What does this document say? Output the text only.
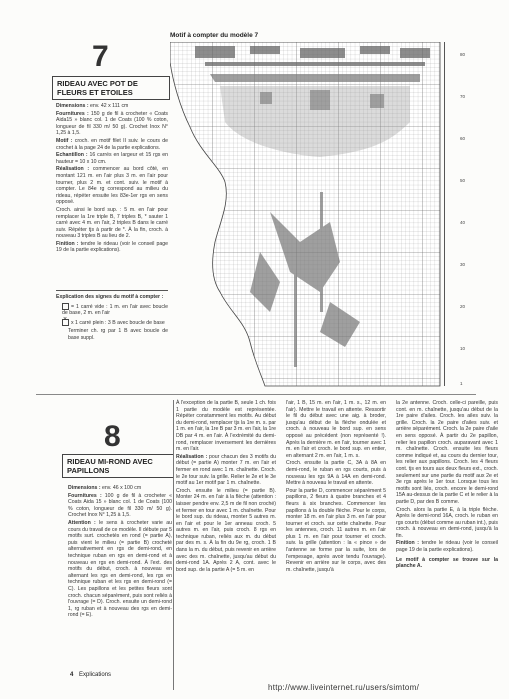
7
RIDEAU AVEC POT DE
FLEURS ET ETOILES

Dimensions : env. 42 x 111 cm

Fournitures : 150 g de fil à crocheter « Coats Aida15 » blanc col. 1 de Coats (100 % coton, longueur de fil 330 m/ 50 g). Crochet Inox N° 1,25 à 1,5.

Motif : croch. en motif filet II suiv. le cours de crochet à la page 24 de la partie explications.

Echantillon : 16 carrés en largeur et 15 rgs en hauteur = 10 x 10 cm.

Réalisation : commencer au bord côté, en montant 121 m. en l'air plus 3 m. en l'air pour tourner, plus 2 m. et cont. suiv. le motif à compter. Le 84e rg correspond au milieu du rideau, répéter ensuite les 83e-1er rgs en sens opposé.

Croch. ainsi le bord sup. : 5 m. en l'air pour remplacer la 1re triple B, 7 triples B, * sauter 1 carré avec 4 m. en l'air, 2 triples B dans le carré suiv. Répéter tjs à partir de *. À la fin, croch. à nouveau 3 triples B au lieu de 2.

Finition : tendre le rideau (voir le conseil page 19 de la partie explications).

Explication des signes du motif à compter :
= 1 carré vide : 1 m. en l'air avec boucle de base, 2 m. en l'air
×x 1 carré plein : 3 B avec boucle de base
Terminer ch. rg par 1 B avec boucle de base suppl.
Motif à compter du modèle 7
80
70
60
50
40
30
20
10
1
8
RIDEAU MI-ROND AVEC
PAPILLONS

Dimensions : env. 46 x 100 cm

Fournitures : 100 g de fil à crocheter « Coats Aida 15 » blanc col. 1 de Coats (100 % coton, longueur de fil 330 m/ 50 g). Crochet Inox N° 1,25 à 1,5.

Attention : le sens à crocheter varie au cours du travail de ce modèle. Il débute par 5 motifs surt. crochetés en rond (= partie A), puis vient le milieu (= partie B) crocheté alternativement en rgs de demi-rond, en technique ruban en rgs en demi-rond et à nouveau en rgs en demi-rond. À l'ext. des motifs du début, croch. à nouveau en alternant les rgs en demi-rond, les rgs en technique ruban et les rgs en demi-rond (= C). Les papillons et les petites fleurs sont croch. chacun séparément, puis sont reliés à l'ouvrage (= D). Croch. ensuite un demi-rond 1, rg ruban et à nouveau des rgs en demi-rond (= E).

À l'exception de la partie B, seule 1 ch. fois 1 partie du modèle est représentée. Répéter constamment les motifs. Au début du demi-rond, remplacer tjs la 1re m. s. par 1 m. en l'air, la 1re B par 3 m. en l'air, la 1re DB par 4 m. en l'air. À l'extrémité du demi-rond, remplacer inversement les dernières m. en l'air.

Réalisation : pour chacun des 3 motifs du début (= partie A) monter 7 m. en l'air et fermer en rond avec 1 m. chaînette. Croch. le 2e tour suiv. la grille. Relier le 2e et le 3e motif au 1er motif par 1 m. chaînette.

Croch. ensuite le milieu (= partie B). Monter 24 m. en l'air à la flèche (attention : laisser pendre env. 2,5 m de fil non croché) et fermer en tour avec 1 m. chaînette. Pour le bord sup. du rideau, monter 5 autres m. en l'air et pour le 1er anneau croch. 5 autres m. en l'air, puis croch. 8 rgs en technique ruban, reliés aux m. du début par des m. s. À la fin du 9e rg, croch. 1 B dans la m. du début, puis revenir en arrière avec des m. chaînette, jusqu'au début du demi-rond 1A. Après 2 A, cont. avec le bord sup. de la partie A (= 5 m. en

l'air, 1 B, 15 m. en l'air, 1 m. s., 12 m. en l'air). Mettre le travail en attente. Ressortir le fil du début avec une aig. à broder, jusqu'au début de la flèche ondulée et croch. à nouveau le bord sup. en sens opposé au précédent (non représenté !). Après la dernière m. en l'air, tourner avec 1 m. en l'air et croch. le bord sup. en entier, en alternant 2 m. en l'air, 1 m. s.

Croch. ensuite la partie C, 3A à 8A en demi-rond, le ruban en rgs courts, puis à nouveau les rgs 9A à 14A en demi-rond. Mettre à nouveau le travail en attente.

Pour la partie D, commencer séparément 5 papillons, 2 fleurs à quatre branches et 4 fleurs à six branches. Commencer les papillons à la double flèche. Pour le corps, monter 18 m. en l'air plus 3 m. en l'air pour tourner et croch. sur cette chaînette. Pour les antennes, croch. 11 autres m. en l'air plus 1 m. en l'air pour tourner et croch. suiv. la grille (attention : la « pince » de l'antenne se forme par la suite, lors de l'empesage, après avoir tendu l'ouvrage). Revenir en arrière sur le corps, avec des m. chaînette, jusqu'à

la 2e antenne. Croch. celle-ci pareille, puis cont. en m. chaînette, jusqu'au début de la 1re paire d'ailes. Croch. les ailes suiv. la grille. Croch. la 2e paire d'ailes suiv. et arrière séparément. Croch. la 2e paire d'aile en sens opposé. À partir du 2e papillon, relier les papillon croch. auparavant avec 1 m. chaînette. Croch. ensuite les fleurs comme indiqué et, au cours du dernier tour, les relier aux papillons. Croch. les 4 fleurs cont. tjs en tours aux deux fleurs ext., croch. seulement sur une partie du motif aux 2e et 3e rgs après le 1er tour. Lorsque tous les motifs sont liés, croch. encore le demi-rond 15A au-dessus de la partie C et le relier à la partie D, par des B comme.

Croch. alors la partie E, à la triple flèche. Après le demi-rond 16A, croch. le ruban en rgs courts (début comme au ruban int.), puis croch. à nouveau en demi-rond, jusqu'à la fin.

Finition : tendre le rideau (voir le conseil page 19 de la partie explications).

Le motif à compter se trouve sur la planche A.

4 Explications
http://www.liveinternet.ru/users/simtom/
